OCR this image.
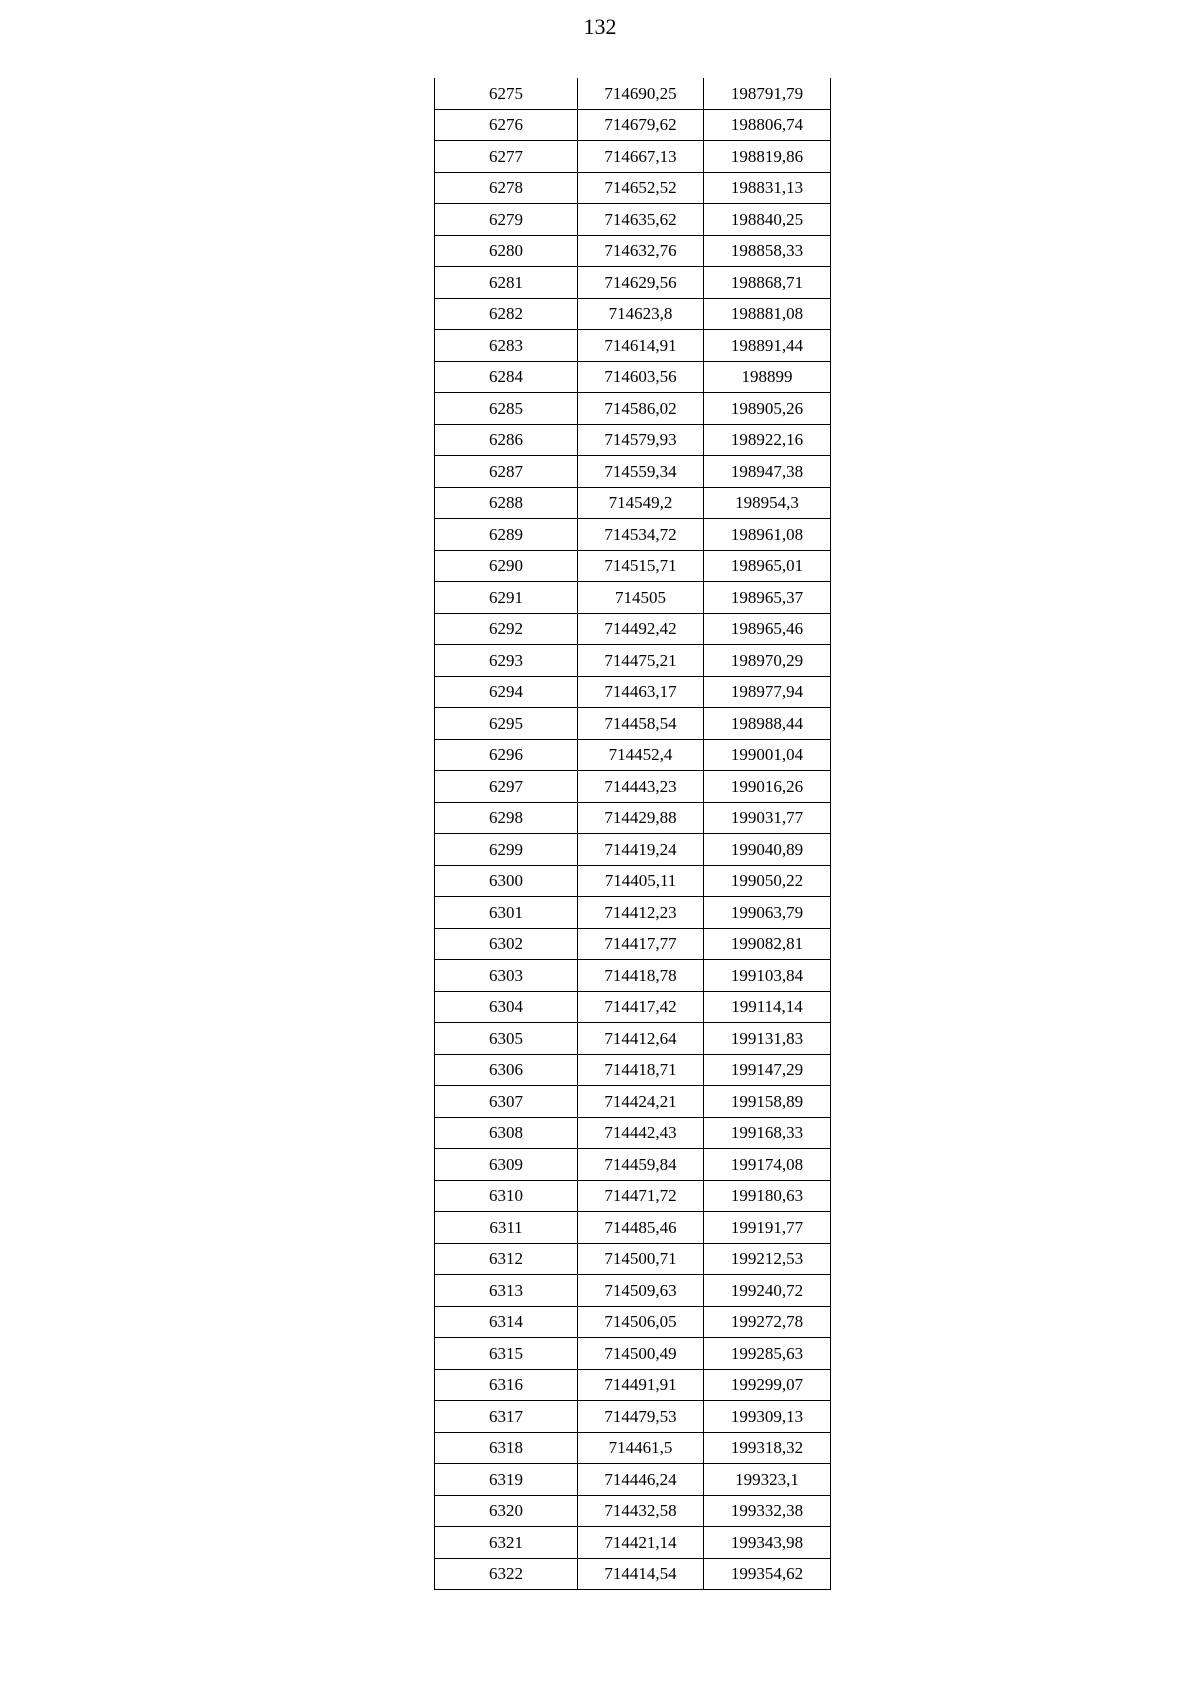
132
6275	714690,25	198791,79
6276	714679,62	198806,74
6277	714667,13	198819,86
6278	714652,52	198831,13
6279	714635,62	198840,25
6280	714632,76	198858,33
6281	714629,56	198868,71
6282	714623,8	198881,08
6283	714614,91	198891,44
6284	714603,56	198899
6285	714586,02	198905,26
6286	714579,93	198922,16
6287	714559,34	198947,38
6288	714549,2	198954,3
6289	714534,72	198961,08
6290	714515,71	198965,01
6291	714505	198965,37
6292	714492,42	198965,46
6293	714475,21	198970,29
6294	714463,17	198977,94
6295	714458,54	198988,44
6296	714452,4	199001,04
6297	714443,23	199016,26
6298	714429,88	199031,77
6299	714419,24	199040,89
6300	714405,11	199050,22
6301	714412,23	199063,79
6302	714417,77	199082,81
6303	714418,78	199103,84
6304	714417,42	199114,14
6305	714412,64	199131,83
6306	714418,71	199147,29
6307	714424,21	199158,89
6308	714442,43	199168,33
6309	714459,84	199174,08
6310	714471,72	199180,63
6311	714485,46	199191,77
6312	714500,71	199212,53
6313	714509,63	199240,72
6314	714506,05	199272,78
6315	714500,49	199285,63
6316	714491,91	199299,07
6317	714479,53	199309,13
6318	714461,5	199318,32
6319	714446,24	199323,1
6320	714432,58	199332,38
6321	714421,14	199343,98
6322	714414,54	199354,62
